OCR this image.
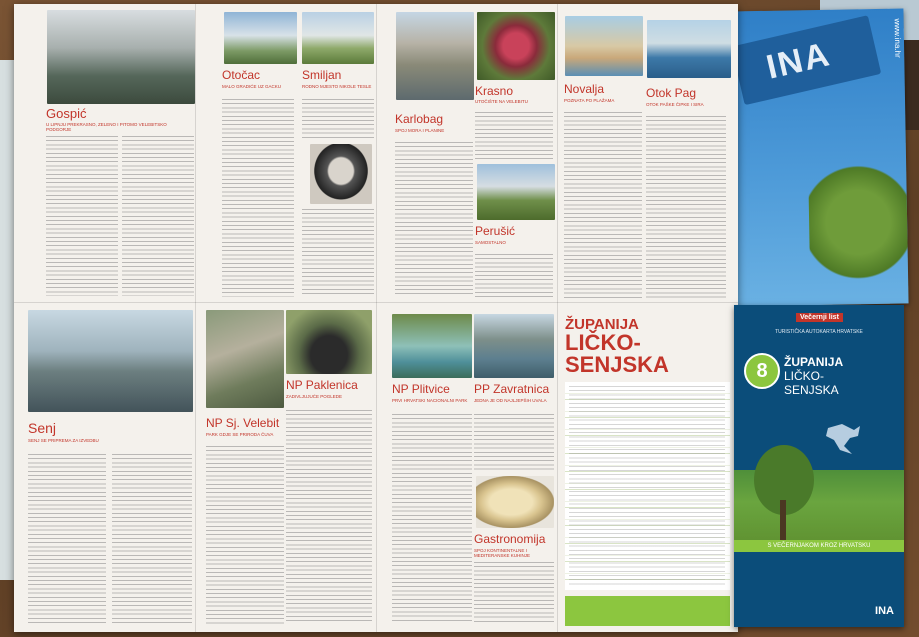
INA	www.ina.hr
Gospić
U LIPNJU PREKRASNO, ZELENO I PITOMO VELEBITSKO PODGORJE
Otočac	Smiljan
MALO GRADIĆE UZ GACKU	RODNO MJESTO NIKOLE TESLE	Krasno
UTOČIŠTE NA VELEBITU
Karlobag
SPOJ MORA I PLANINE
Perušić
SAMOSTALNO
Novalja	Otok Pag
POZNATA PO PLAŽAMA
OTOK PAŠKE ČIPKE I SIRA
Senj
SENJ SE PRIPREMA ZA IZVEDBU
NP Paklenica
ZADIVLJUJUĆE POGLEDE
NP Sj. Velebit
PARK GDJE SE PRIRODA ČUVA
NP Plitvice PP Zavratnica
PRVI HRVATSKI NACIONALNI PARK	JEDNA JE OD NAJLJEPŠIH UVALA
Gastronomija
SPOJ KONTINENTALNE I MEDITERANSKE KUHINJE
ŽUPANIJA
LIČKO-
SENJSKA
Večernji list
TURISTIČKA AUTOKARTA HRVATSKE
8	ŽUPANIJA
LIČKO-
SENJSKA
S VEČERNJAKOM KROZ HRVATSKU
INA
